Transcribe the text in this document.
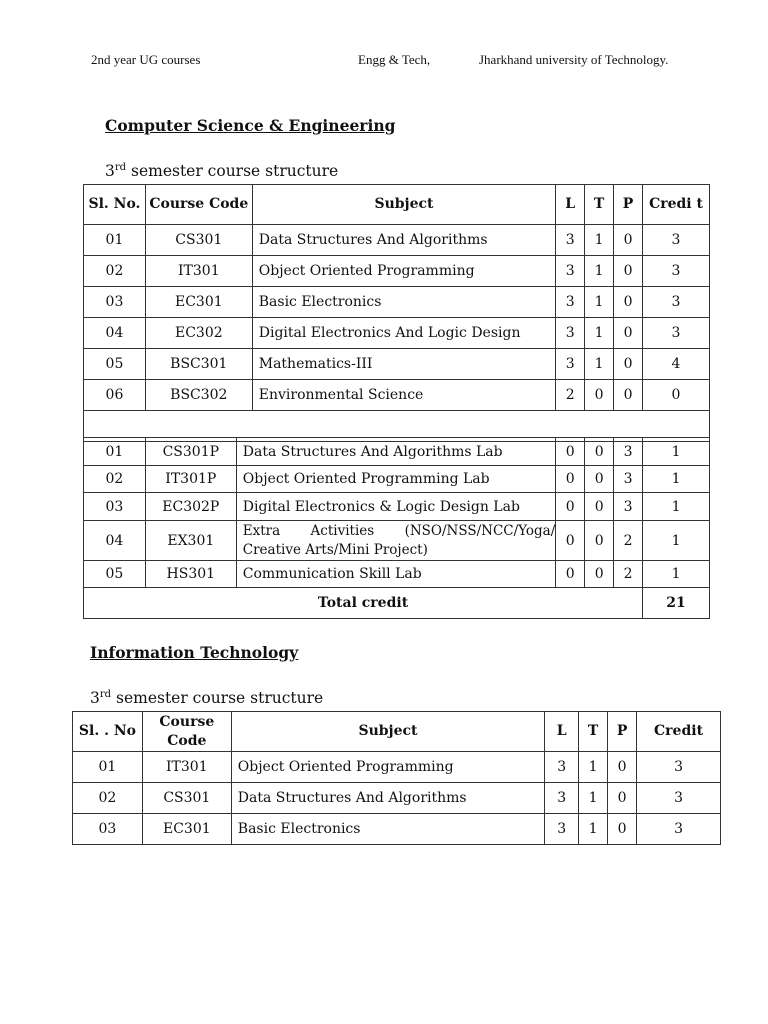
2nd year UG courses	Engg & Tech,	Jharkhand university of Technology.
Computer Science & Engineering
3rd semester course structure
Sl. No.	Course Code	Subject	L	T	P	Credi t
01	CS301	Data Structures And Algorithms	3	1	0	3
02	IT301	Object Oriented Programming	3	1	0	3
03	EC301	Basic Electronics	3	1	0	3
04	EC302	Digital Electronics And Logic Design	3	1	0	3
05	BSC301	Mathematics-III	3	1	0	4
06	BSC302	Environmental Science	2	0	0	0

01	CS301P	Data Structures And Algorithms Lab	0	0	3	1
02	IT301P	Object Oriented Programming Lab	0	0	3	1
03	EC302P	Digital Electronics & Logic Design Lab	0	0	3	1
04	EX301	Extra Activities (NSO/NSS/NCC/Yoga/ Creative Arts/Mini Project)	0	0	2	1
05	HS301	Communication Skill Lab	0	0	2	1
Total credit						21
Information Technology
3rd semester course structure
Sl. . No	Course Code	Subject	L	T	P	Credit
01	IT301	Object Oriented Programming	3	1	0	3
02	CS301	Data Structures And Algorithms	3	1	0	3
03	EC301	Basic Electronics	3	1	0	3
